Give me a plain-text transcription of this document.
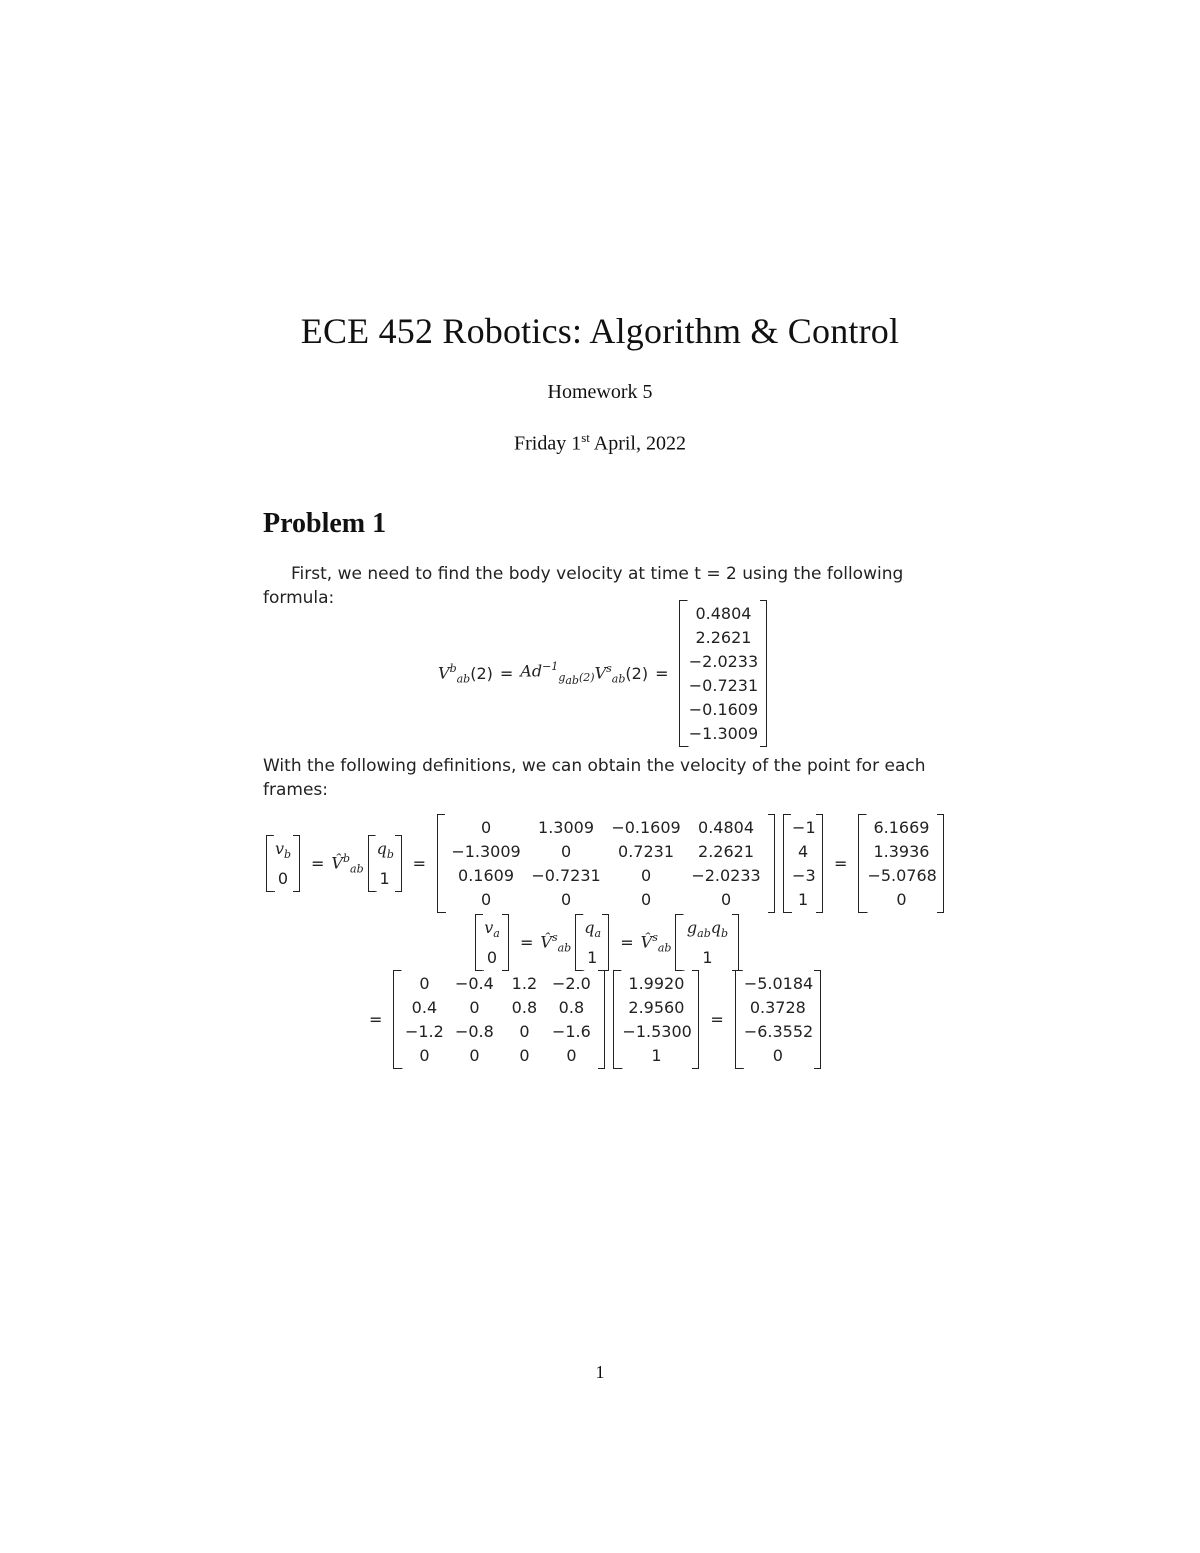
ECE 452 Robotics: Algorithm & Control
Homework 5
Friday 1st April, 2022
Problem 1
First, we need to find the body velocity at time t = 2 using the following formula:
$V^b_{ab}$ $(2) = Ad^{-1}_{g_{ab}(2)}$ $V^s_{ab}$ (2) =
0.4804
2.2621
−2.0233
−0.7231
−0.1609
−1.3009
With the following definitions, we can obtain the velocity of the point for each frames:
$v_b$
0
= V̂$^b_{ab}$
$q_b$
1
=
0	1.3009	−0.1609	0.4804
−1.3009	0	0.7231	2.2621
0.1609	−0.7231	0	−2.0233
0	0	0	0
−1
4
−3
1
=
6.1669
1.3936
−5.0768
0
$v_a$
0
= V̂$^s_{ab}$
$q_a$
1
= V̂$^s_{ab}$
$g_{ab}q_b$
1
=
0	−0.4	1.2 −2.0
0.4	0	0.8	0.8
−1.2 −0.8	0	−1.6
0	0	0	0
1.9920
2.9560
−1.5300
1
=
−5.0184
0.3728
−6.3552
0
1
